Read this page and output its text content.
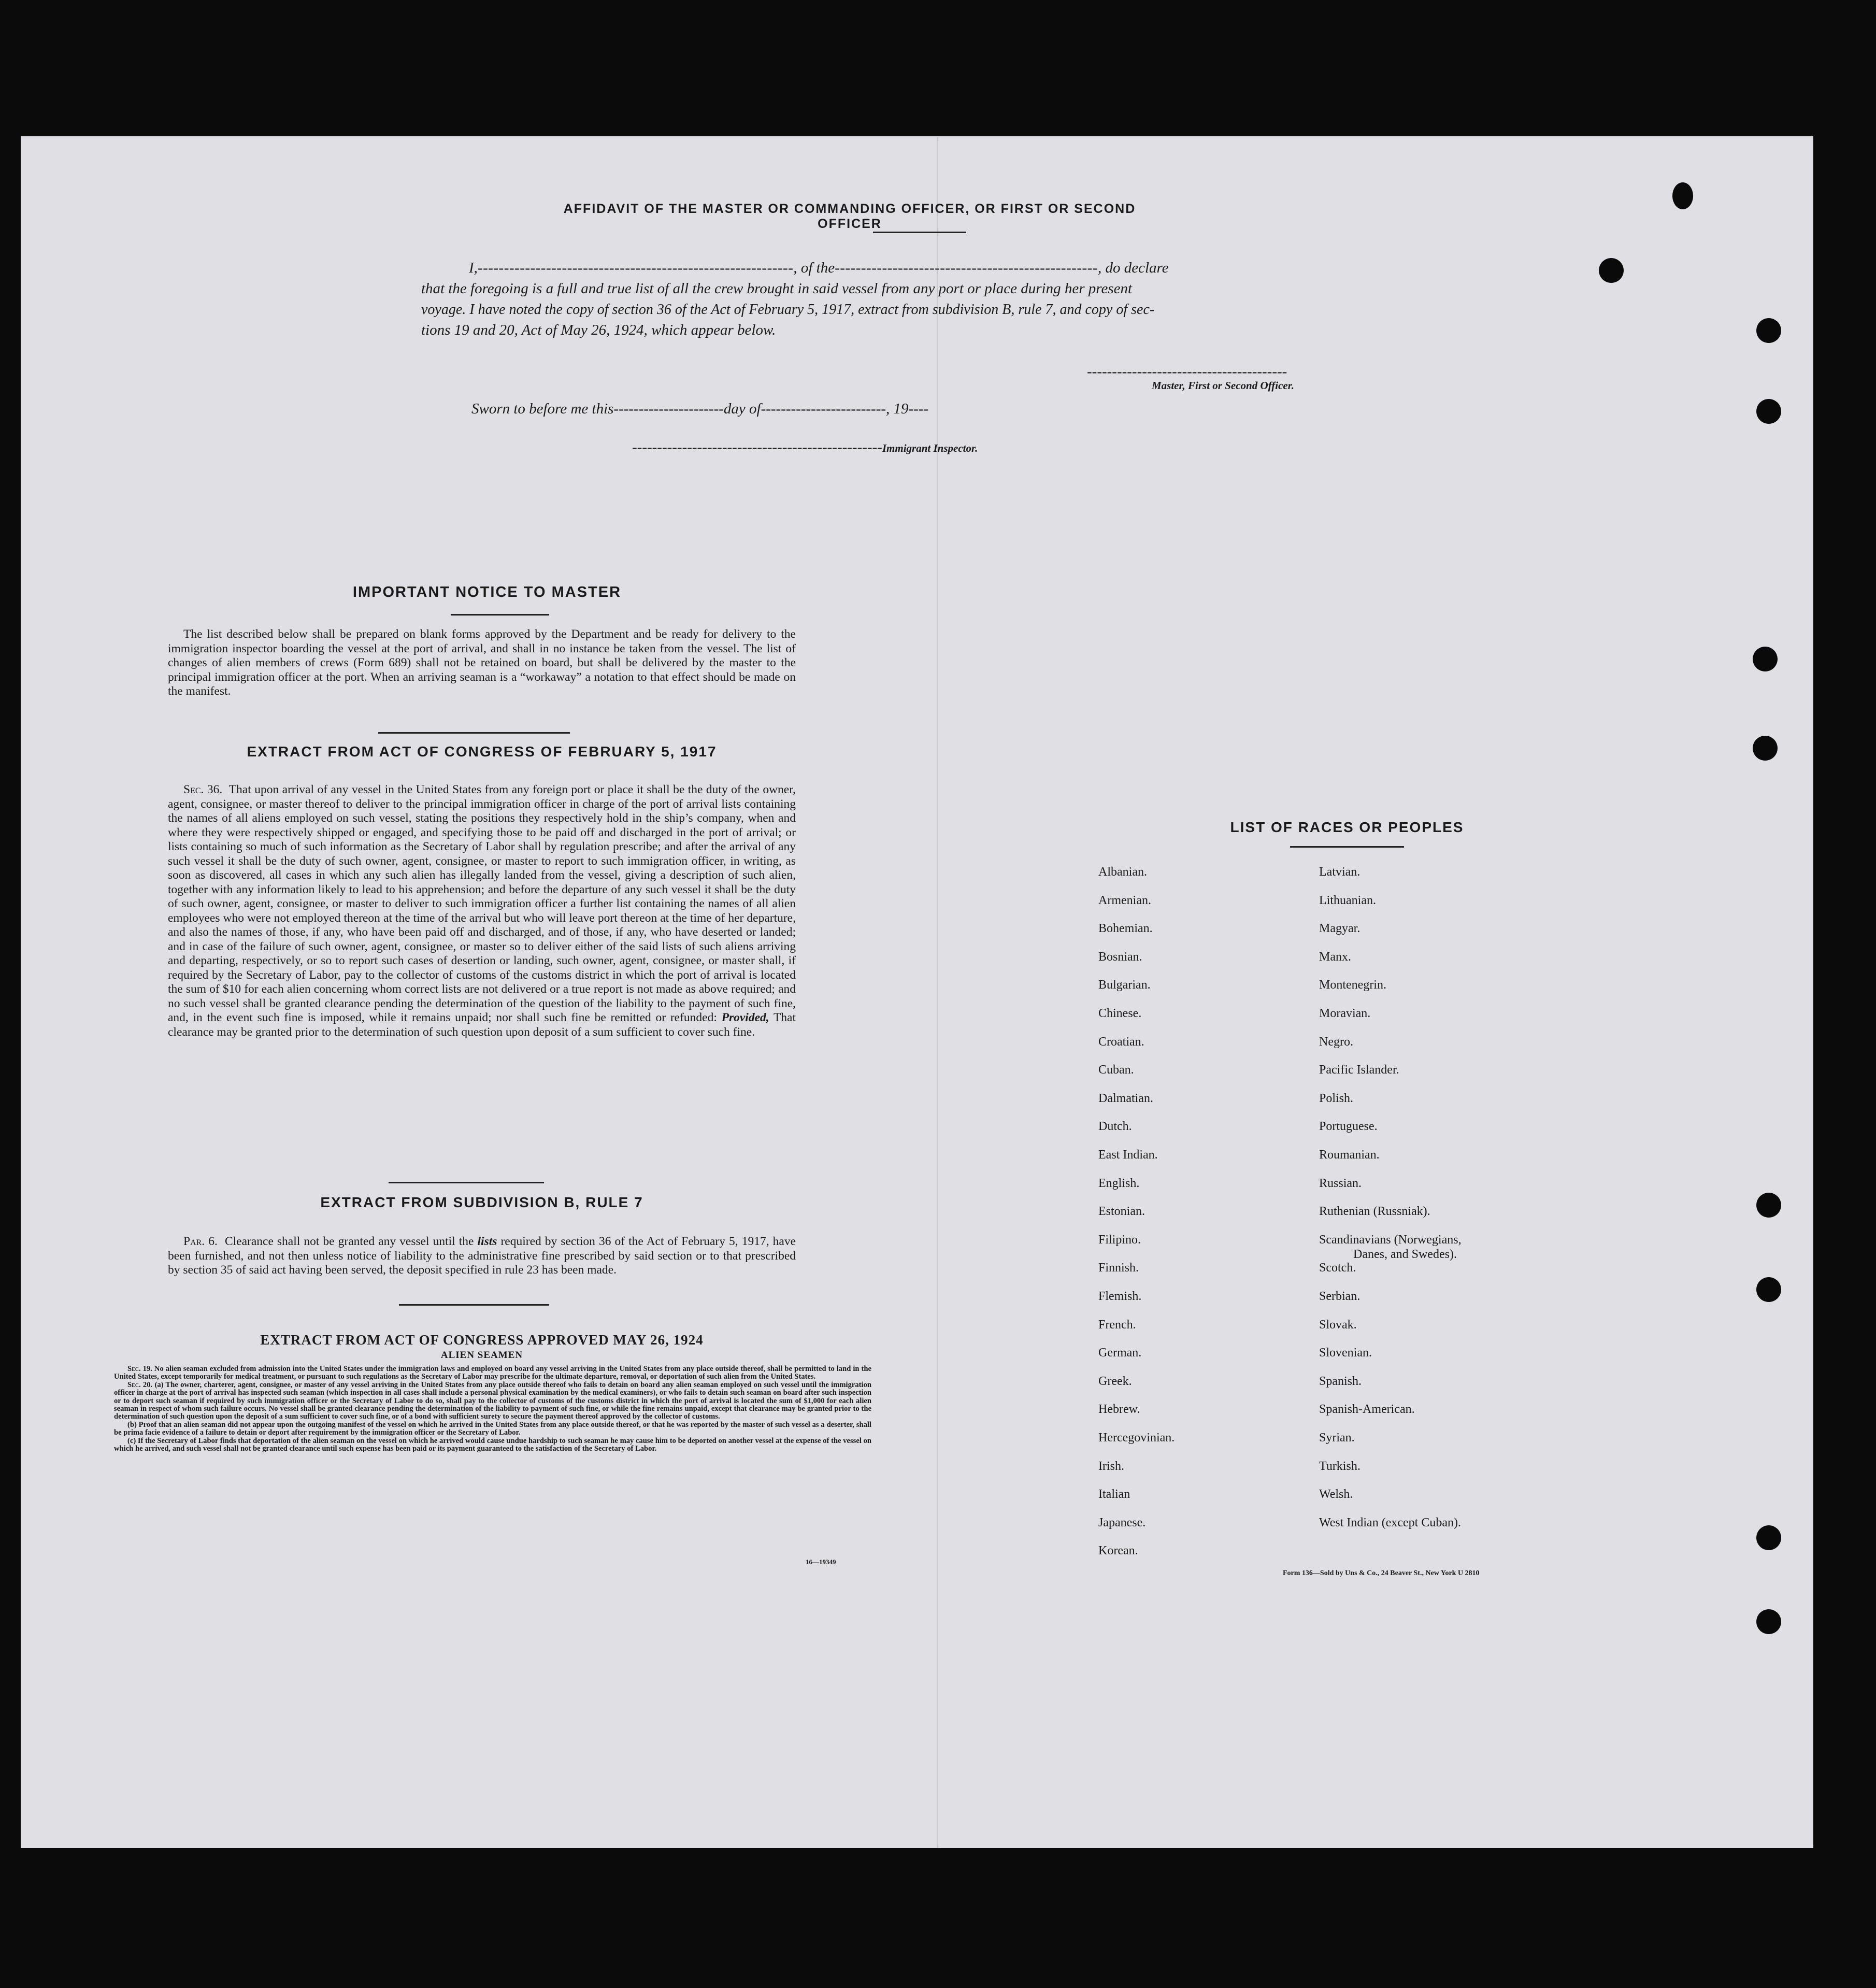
AFFIDAVIT OF THE MASTER OR COMMANDING OFFICER, OR FIRST OR SECOND OFFICER
I,------------------------------------------------------------, of the--------------------------------------------------, do declare
that the foregoing is a full and true list of all the crew brought in said vessel from any port or place during her present
voyage. I have noted the copy of section 36 of the Act of February 5, 1917, extract from subdivision B, rule 7, and copy of sec-
tions 19 and 20, Act of May 26, 1924, which appear below.
----------------------------------------
Master, First or Second Officer.
Sworn to before me this----------------------day of-------------------------, 19----
--------------------------------------------------Immigrant Inspector.
IMPORTANT NOTICE TO MASTER
The list described below shall be prepared on blank forms approved by the Department and be ready for delivery to the immigration inspector boarding the vessel at the port of arrival, and shall in no instance be taken from the vessel. The list of changes of alien members of crews (Form 689) shall not be retained on board, but shall be delivered by the master to the principal immigration officer at the port. When an arriving seaman is a “workaway” a notation to that effect should be made on the manifest.
EXTRACT FROM ACT OF CONGRESS OF FEBRUARY 5, 1917
Sec. 36. That upon arrival of any vessel in the United States from any foreign port or place it shall be the duty of the owner, agent, consignee, or master thereof to deliver to the principal immigration officer in charge of the port of arrival lists containing the names of all aliens employed on such vessel, stating the positions they respectively hold in the ship’s company, when and where they were respectively shipped or engaged, and specifying those to be paid off and discharged in the port of arrival; or lists containing so much of such information as the Secretary of Labor shall by regulation prescribe; and after the arrival of any such vessel it shall be the duty of such owner, agent, consignee, or master to report to such immigration officer, in writing, as soon as discovered, all cases in which any such alien has illegally landed from the vessel, giving a description of such alien, together with any information likely to lead to his apprehension; and before the departure of any such vessel it shall be the duty of such owner, agent, consignee, or master to deliver to such immigration officer a further list containing the names of all alien employees who were not employed thereon at the time of the arrival but who will leave port thereon at the time of her departure, and also the names of those, if any, who have been paid off and discharged, and of those, if any, who have deserted or landed; and in case of the failure of such owner, agent, consignee, or master so to deliver either of the said lists of such aliens arriving and departing, respectively, or so to report such cases of desertion or landing, such owner, agent, consignee, or master shall, if required by the Secretary of Labor, pay to the collector of customs of the customs district in which the port of arrival is located the sum of $10 for each alien concerning whom correct lists are not delivered or a true report is not made as above required; and no such vessel shall be granted clearance pending the determination of the question of the liability to the payment of such fine, and, in the event such fine is imposed, while it remains unpaid; nor shall such fine be remitted or refunded: Provided, That clearance may be granted prior to the determination of such question upon deposit of a sum sufficient to cover such fine.
EXTRACT FROM SUBDIVISION B, RULE 7
Par. 6. Clearance shall not be granted any vessel until the lists required by section 36 of the Act of February 5, 1917, have been furnished, and not then unless notice of liability to the administrative fine prescribed by said section or to that prescribed by section 35 of said act having been served, the deposit specified in rule 23 has been made.
EXTRACT FROM ACT OF CONGRESS APPROVED MAY 26, 1924
ALIEN SEAMEN
Sec. 19. No alien seaman excluded from admission into the United States under the immigration laws and employed on board any vessel arriving in the United States from any place outside thereof, shall be permitted to land in the United States, except temporarily for medical treatment, or pursuant to such regulations as the Secretary of Labor may prescribe for the ultimate departure, removal, or deportation of such alien from the United States.
Sec. 20. (a) The owner, charterer, agent, consignee, or master of any vessel arriving in the United States from any place outside thereof who fails to detain on board any alien seaman employed on such vessel until the immigration officer in charge at the port of arrival has inspected such seaman (which inspection in all cases shall include a personal physical examination by the medical examiners), or who fails to detain such seaman on board after such inspection or to deport such seaman if required by such immigration officer or the Secretary of Labor to do so, shall pay to the collector of customs of the customs district in which the port of arrival is located the sum of $1,000 for each alien seaman in respect of whom such failure occurs. No vessel shall be granted clearance pending the determination of the liability to payment of such fine, or while the fine remains unpaid, except that clearance may be granted prior to the determination of such question upon the deposit of a sum sufficient to cover such fine, or of a bond with sufficient surety to secure the payment thereof approved by the collector of customs.
(b) Proof that an alien seaman did not appear upon the outgoing manifest of the vessel on which he arrived in the United States from any place outside thereof, or that he was reported by the master of such vessel as a deserter, shall be prima facie evidence of a failure to detain or deport after requirement by the immigration officer or the Secretary of Labor.
(c) If the Secretary of Labor finds that deportation of the alien seaman on the vessel on which he arrived would cause undue hardship to such seaman he may cause him to be deported on another vessel at the expense of the vessel on which he arrived, and such vessel shall not be granted clearance until such expense has been paid or its payment guaranteed to the satisfaction of the Secretary of Labor.
16—19349
LIST OF RACES OR PEOPLES
Albanian.
Armenian.
Bohemian.
Bosnian.
Bulgarian.
Chinese.
Croatian.
Cuban.
Dalmatian.
Dutch.
East Indian.
English.
Estonian.
Filipino.
Finnish.
Flemish.
French.
German.
Greek.
Hebrew.
Hercegovinian.
Irish.
Italian
Japanese.
Korean.
Latvian.
Lithuanian.
Magyar.
Manx.
Montenegrin.
Moravian.
Negro.
Pacific Islander.
Polish.
Portuguese.
Roumanian.
Russian.
Ruthenian (Russniak).
Scandinavians (Norwegians,
Danes, and Swedes).
Scotch.
Serbian.
Slovak.
Slovenian.
Spanish.
Spanish-American.
Syrian.
Turkish.
Welsh.
West Indian (except Cuban).
Form 136—Sold by Uns & Co., 24 Beaver St., New York U 2810
